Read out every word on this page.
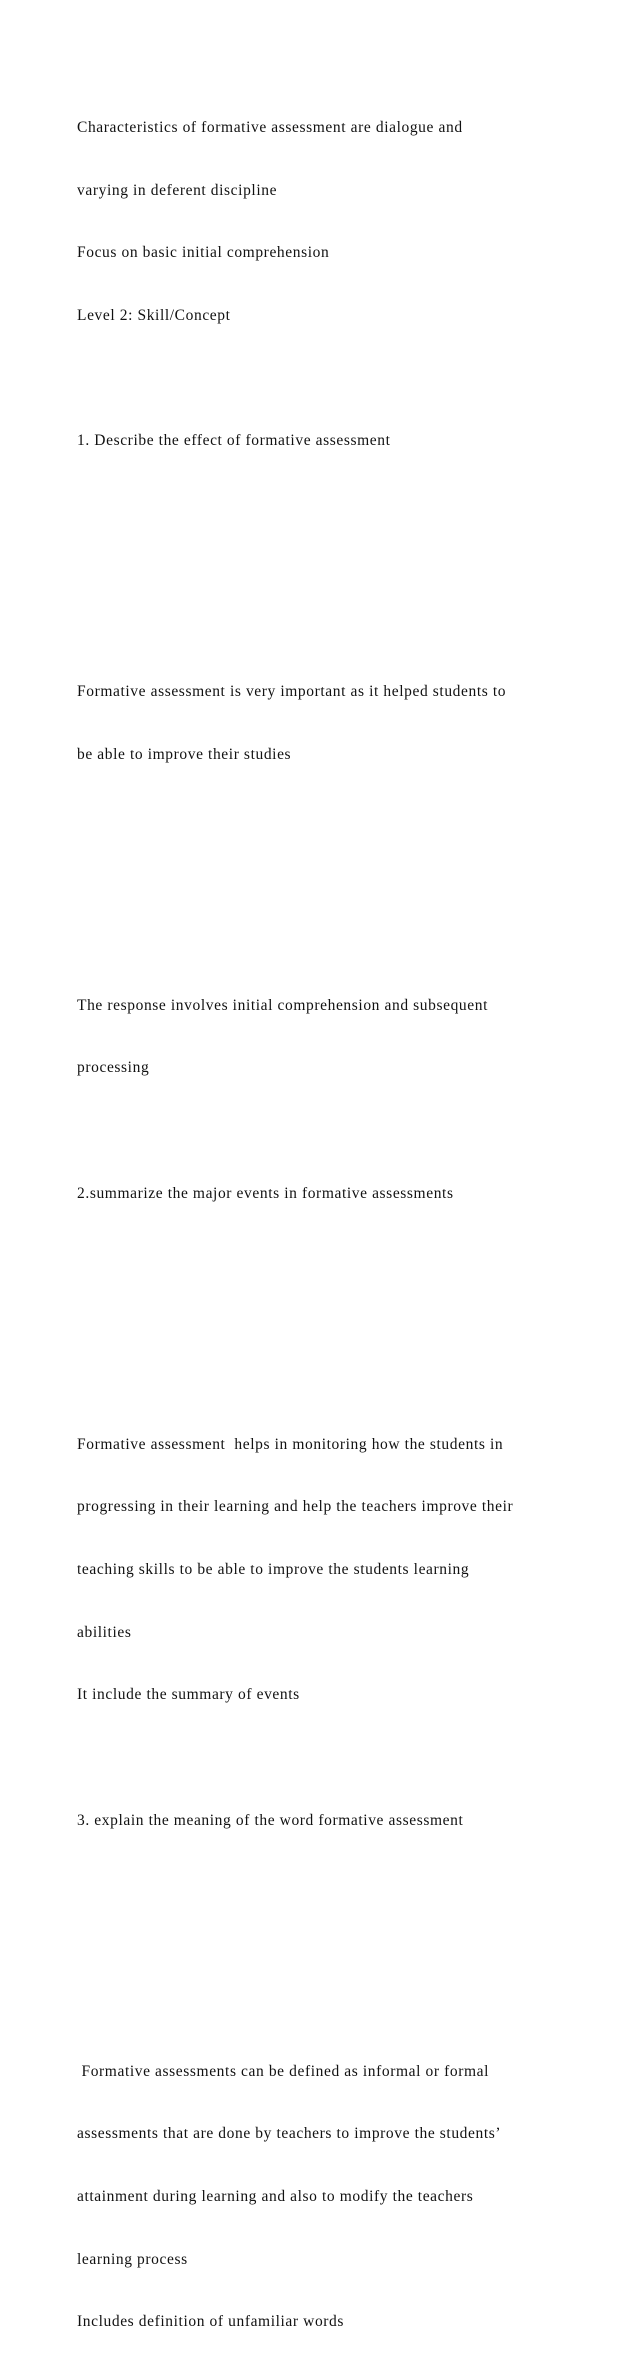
Characteristics of formative assessment are dialogue and

varying in deferent discipline

Focus on basic initial comprehension

Level 2: Skill/Concept

1. Describe the effect of formative assessment

Formative assessment is very important as it helped students to

be able to improve their studies

The response involves initial comprehension and subsequent

processing

2.summarize the major events in formative assessments

Formative assessment  helps in monitoring how the students in

progressing in their learning and help the teachers improve their

teaching skills to be able to improve the students learning

abilities

It include the summary of events

3. explain the meaning of the word formative assessment

Formative assessments can be defined as informal or formal

assessments that are done by teachers to improve the students’

attainment during learning and also to modify the teachers

learning process

Includes definition of unfamiliar words
